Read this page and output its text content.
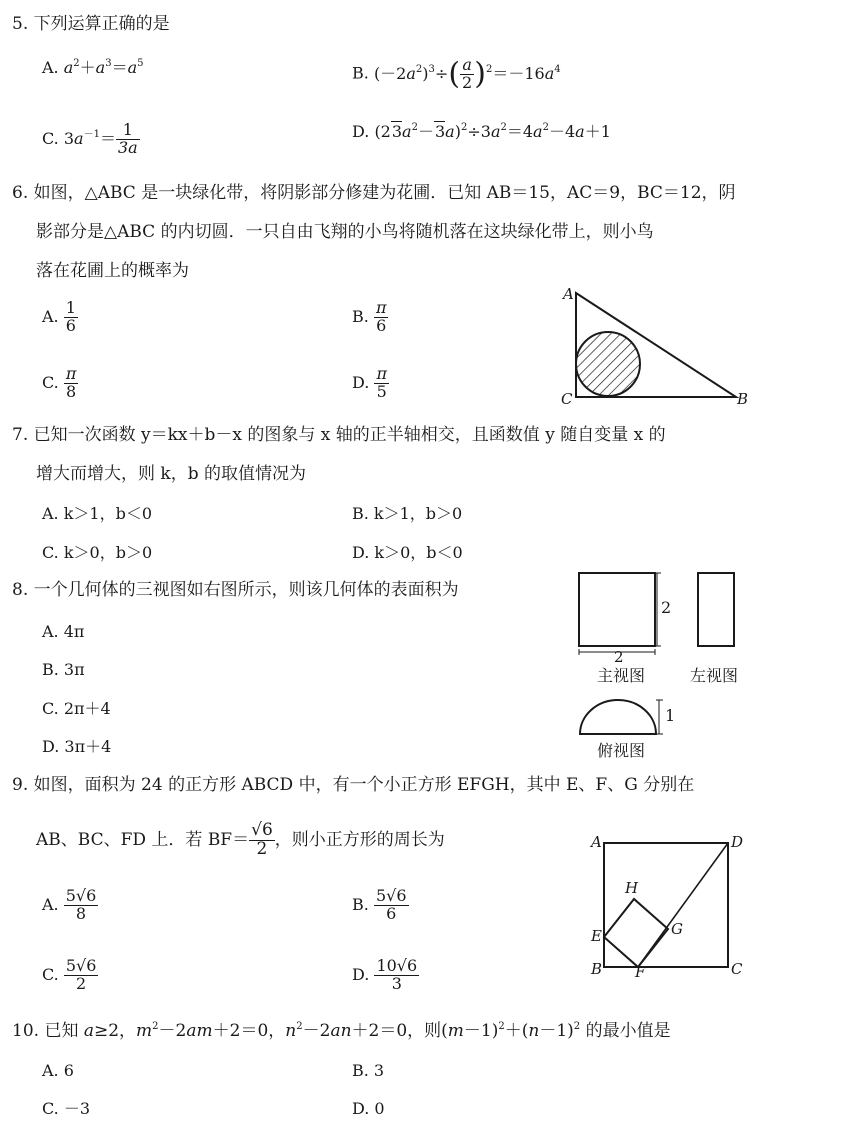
5. 下列运算正确的是
A. $a^2+a^3=a^5$	B. $(-2a^2)^3\div( \frac{a}{2} )^2=-16a^4$
C. $3a^{-1}= \frac{1}{3a}$	D. $(23a^2-3a)^2\div 3a^2=4a^2-4a+1$
6. 如图，△ABC 是一块绿化带，将阴影部分修建为花圃．已知 AB＝15，AC＝9，BC＝12，阴
影部分是△ABC 的内切圆．一只自由飞翔的小鸟将随机落在这块绿化带上，则小鸟
落在花圃上的概率为
A. $\frac{1}{6}$	B. $\frac{\pi}{6}$
C. $\frac{\pi}{8}$	D. $\frac{\pi}{5}$
A
C	B
7. 已知一次函数 y＝kx＋b－x 的图象与 x 轴的正半轴相交，且函数值 y 随自变量 x 的
增大而增大，则 k，b 的取值情况为
A. k＞1，b＜0	B. k＞1，b＞0
C. k＞0，b＞0	D. k＞0，b＜0
8. 一个几何体的三视图如右图所示，则该几何体的表面积为
A. 4π
B. 3π
C. 2π＋4
D. 3π＋4
2
2
主视图	左视图
1
俯视图
9. 如图，面积为 24 的正方形 ABCD 中，有一个小正方形 EFGH，其中 E、F、G 分别在
AB、BC、FD 上．若 $BF= \frac{√6}{2}$ ，则小正方形的周长为
A. $\frac{5√6}{8}$	B. $\frac{5√6}{6}$
C. $\frac{5√6}{2}$	D. $\frac{10√6}{3}$
A	D
H
G
E
B F	C
10. 已知 a≥2，$m^2-2am+2=0$，$n^2-2an+2=0$，则$(m-1)^2+(n-1)^2$ 的最小值是
A. 6	B. 3
C. －3	D. 0
